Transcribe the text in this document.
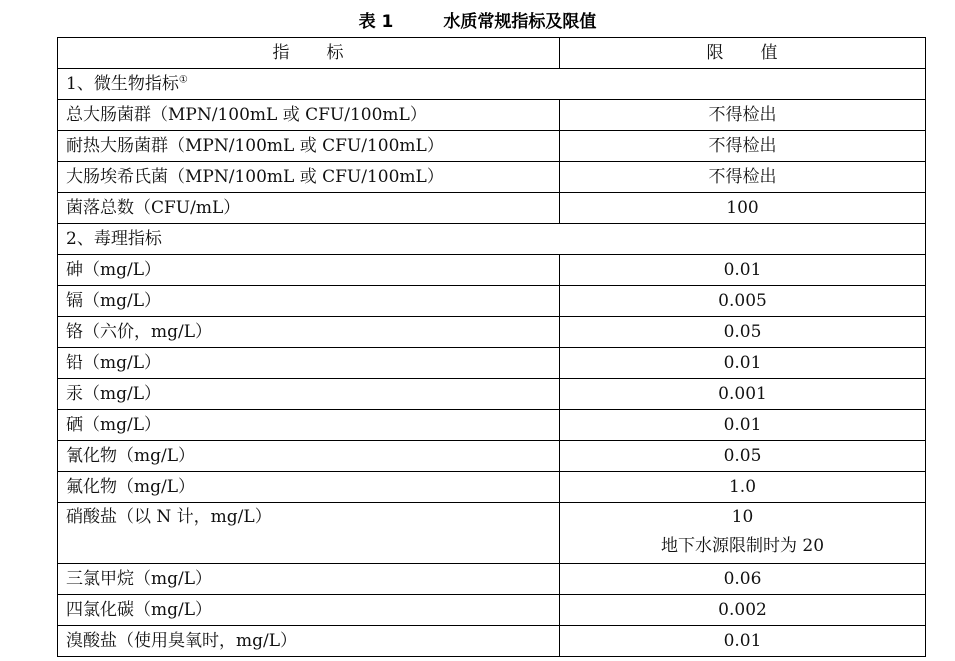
表 1	水质常规指标及限值
指　　标	限　　值
1、微生物指标①
总大肠菌群（MPN/100mL 或 CFU/100mL）	不得检出
耐热大肠菌群（MPN/100mL 或 CFU/100mL）	不得检出
大肠埃希氏菌（MPN/100mL 或 CFU/100mL）	不得检出
菌落总数（CFU/mL）	100
2、毒理指标	
砷（mg/L）	0.01
镉（mg/L）	0.005
铬（六价，mg/L）	0.05
铅（mg/L）	0.01
汞（mg/L）	0.001
硒（mg/L）	0.01
氰化物（mg/L）	0.05
氟化物（mg/L）	1.0
硝酸盐（以 N 计，mg/L）	10
地下水源限制时为 20

三氯甲烷（mg/L）	0.06
四氯化碳（mg/L）	0.002
溴酸盐（使用臭氧时，mg/L）	0.01
